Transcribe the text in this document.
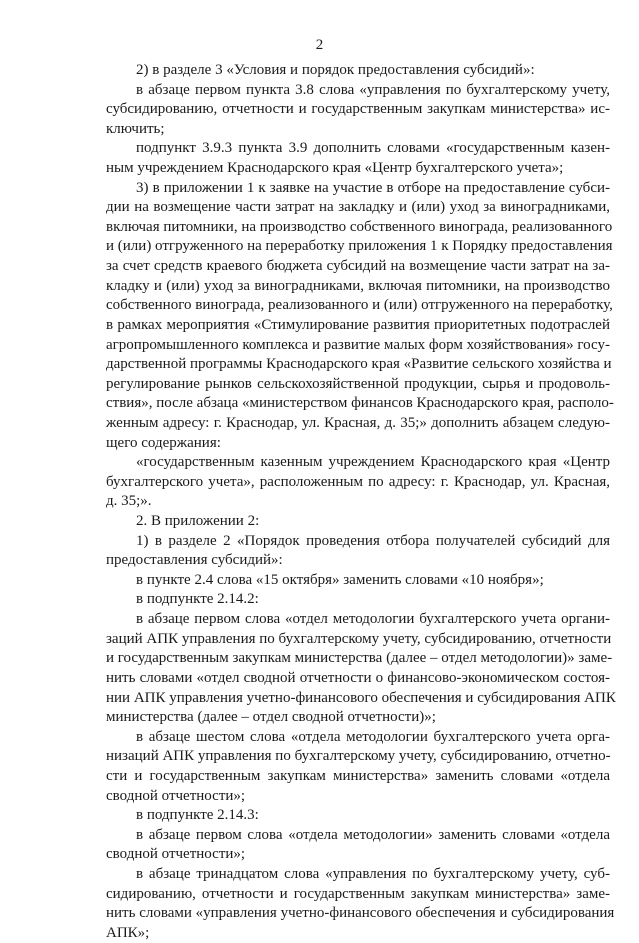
2
2) в разделе 3 «Условия и порядок предоставления субсидий»:
в абзаце первом пункта 3.8 слова «управления по бухгалтерскому учету,
субсидированию, отчетности и государственным закупкам министерства» ис-
ключить;
подпункт 3.9.3 пункта 3.9 дополнить словами «государственным казен-
ным учреждением Краснодарского края «Центр бухгалтерского учета»;
3) в приложении 1 к заявке на участие в отборе на предоставление субси-
дии на возмещение части затрат на закладку и (или) уход за виноградниками,
включая питомники, на производство собственного винограда, реализованного
и (или) отгруженного на переработку приложения 1 к Порядку предоставления
за счет средств краевого бюджета субсидий на возмещение части затрат на за-
кладку и (или) уход за виноградниками, включая питомники, на производство
собственного винограда, реализованного и (или) отгруженного на переработку,
в рамках мероприятия «Стимулирование развития приоритетных подотраслей
агропромышленного комплекса и развитие малых форм хозяйствования» госу-
дарственной программы Краснодарского края «Развитие сельского хозяйства и
регулирование рынков сельскохозяйственной продукции, сырья и продоволь-
ствия», после абзаца «министерством финансов Краснодарского края, располо-
женным адресу: г. Краснодар, ул. Красная, д. 35;» дополнить абзацем следую-
щего содержания:
«государственным казенным учреждением Краснодарского края «Центр
бухгалтерского учета», расположенным по адресу: г. Краснодар, ул. Красная,
д. 35;».
2. В приложении 2:
1) в разделе 2 «Порядок проведения отбора получателей субсидий для
предоставления субсидий»:
в пункте 2.4 слова «15 октября» заменить словами «10 ноября»;
в подпункте 2.14.2:
в абзаце первом слова «отдел методологии бухгалтерского учета органи-
заций АПК управления по бухгалтерскому учету, субсидированию, отчетности
и государственным закупкам министерства (далее – отдел методологии)» заме-
нить словами «отдел сводной отчетности о финансово-экономическом состоя-
нии АПК управления учетно-финансового обеспечения и субсидирования АПК
министерства (далее – отдел сводной отчетности)»;
в абзаце шестом слова «отдела методологии бухгалтерского учета орга-
низаций АПК управления по бухгалтерскому учету, субсидированию, отчетно-
сти и государственным закупкам министерства» заменить словами «отдела
сводной отчетности»;
в подпункте 2.14.3:
в абзаце первом слова «отдела методологии» заменить словами «отдела
сводной отчетности»;
в абзаце тринадцатом слова «управления по бухгалтерскому учету, суб-
сидированию, отчетности и государственным закупкам министерства» заме-
нить словами «управления учетно-финансового обеспечения и субсидирования
АПК»;
